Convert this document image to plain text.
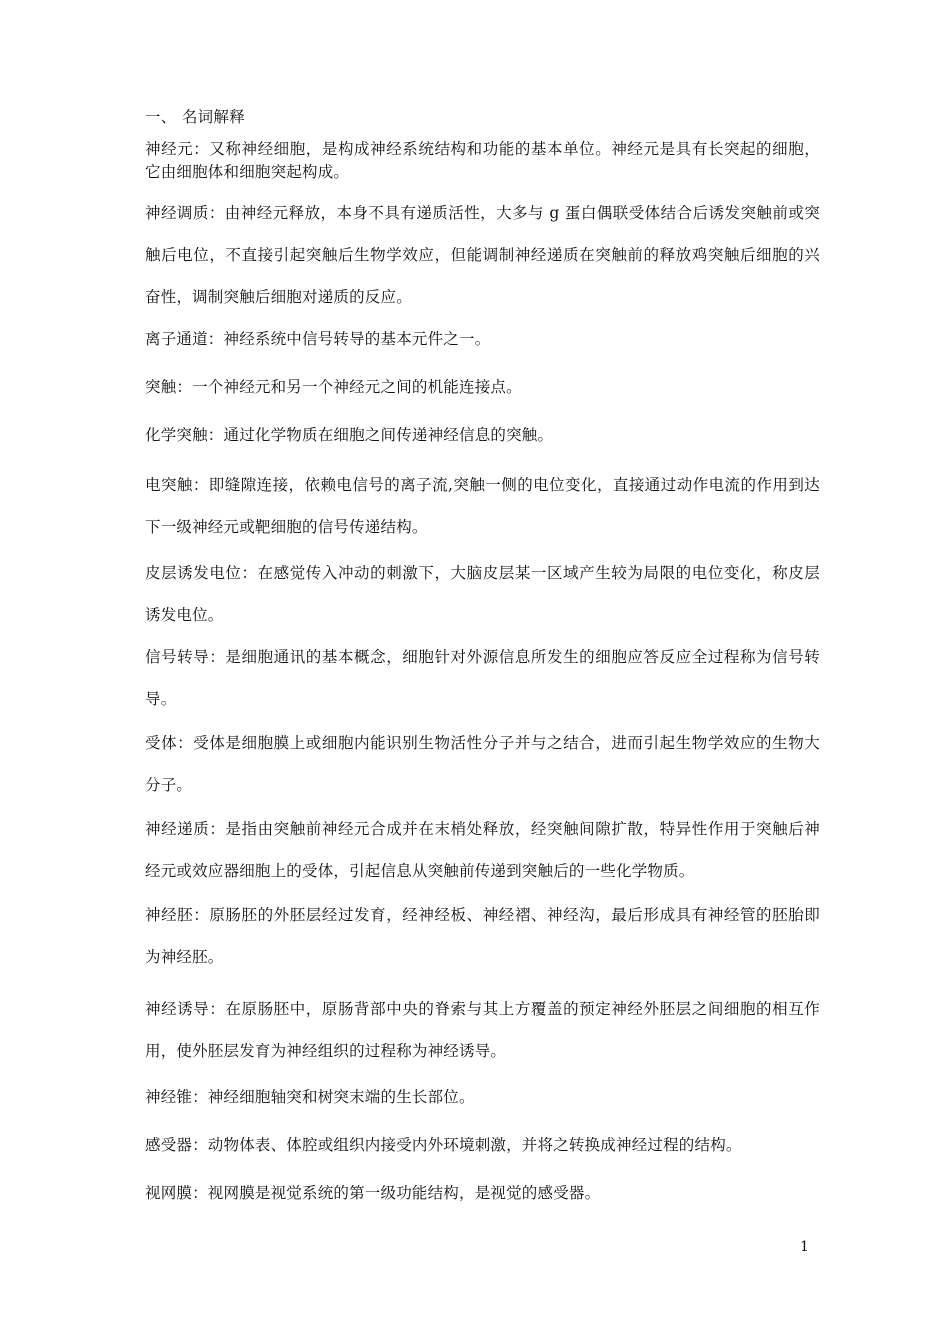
一、 名词解释

神经元：又称神经细胞，是构成神经系统结构和功能的基本单位。神经元是具有长突起的细胞，它由细胞体和细胞突起构成。

神经调质：由神经元释放，本身不具有递质活性，大多与 g 蛋白偶联受体结合后诱发突触前或突触后电位，不直接引起突触后生物学效应，但能调制神经递质在突触前的释放鸡突触后细胞的兴奋性，调制突触后细胞对递质的反应。

离子通道：神经系统中信号转导的基本元件之一。

突触：一个神经元和另一个神经元之间的机能连接点。

化学突触：通过化学物质在细胞之间传递神经信息的突触。

电突触：即缝隙连接，依赖电信号的离子流,突触一侧的电位变化，直接通过动作电流的作用到达下一级神经元或靶细胞的信号传递结构。

皮层诱发电位：在感觉传入冲动的刺激下，大脑皮层某一区域产生较为局限的电位变化，称皮层诱发电位。

信号转导：是细胞通讯的基本概念，细胞针对外源信息所发生的细胞应答反应全过程称为信号转导。

受体：受体是细胞膜上或细胞内能识别生物活性分子并与之结合，进而引起生物学效应的生物大分子。

神经递质：是指由突触前神经元合成并在末梢处释放，经突触间隙扩散，特异性作用于突触后神经元或效应器细胞上的受体，引起信息从突触前传递到突触后的一些化学物质。

神经胚：原肠胚的外胚层经过发育，经神经板、神经褶、神经沟，最后形成具有神经管的胚胎即为神经胚。

神经诱导：在原肠胚中，原肠背部中央的脊索与其上方覆盖的预定神经外胚层之间细胞的相互作用，使外胚层发育为神经组织的过程称为神经诱导。

神经锥：神经细胞轴突和树突末端的生长部位。

感受器：动物体表、体腔或组织内接受内外环境刺激，并将之转换成神经过程的结构。

视网膜：视网膜是视觉系统的第一级功能结构，是视觉的感受器。

1
